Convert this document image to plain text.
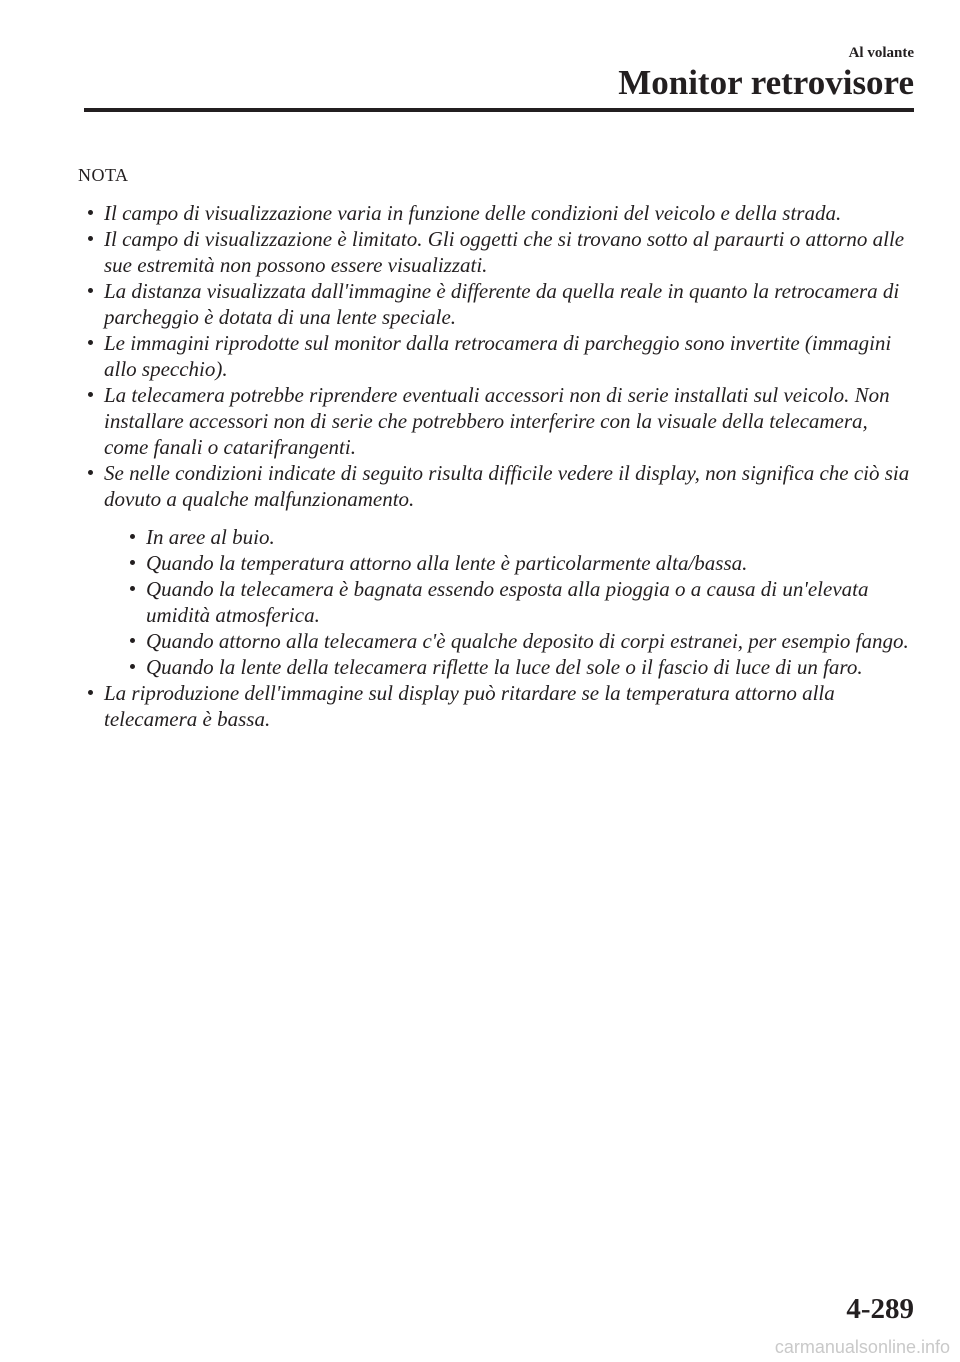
Al volante
Monitor retrovisore
NOTA
Il campo di visualizzazione varia in funzione delle condizioni del veicolo e della strada.
Il campo di visualizzazione è limitato. Gli oggetti che si trovano sotto al paraurti o attorno alle sue estremità non possono essere visualizzati.
La distanza visualizzata dall'immagine è differente da quella reale in quanto la retrocamera di parcheggio è dotata di una lente speciale.
Le immagini riprodotte sul monitor dalla retrocamera di parcheggio sono invertite (immagini allo specchio).
La telecamera potrebbe riprendere eventuali accessori non di serie installati sul veicolo. Non installare accessori non di serie che potrebbero interferire con la visuale della telecamera, come fanali o catarifrangenti.
Se nelle condizioni indicate di seguito risulta difficile vedere il display, non significa che ciò sia dovuto a qualche malfunzionamento.
In aree al buio.
Quando la temperatura attorno alla lente è particolarmente alta/bassa.
Quando la telecamera è bagnata essendo esposta alla pioggia o a causa di un'elevata umidità atmosferica.
Quando attorno alla telecamera c'è qualche deposito di corpi estranei, per esempio fango.
Quando la lente della telecamera riflette la luce del sole o il fascio di luce di un faro.
La riproduzione dell'immagine sul display può ritardare se la temperatura attorno alla telecamera è bassa.
4-289
carmanualsonline.info
